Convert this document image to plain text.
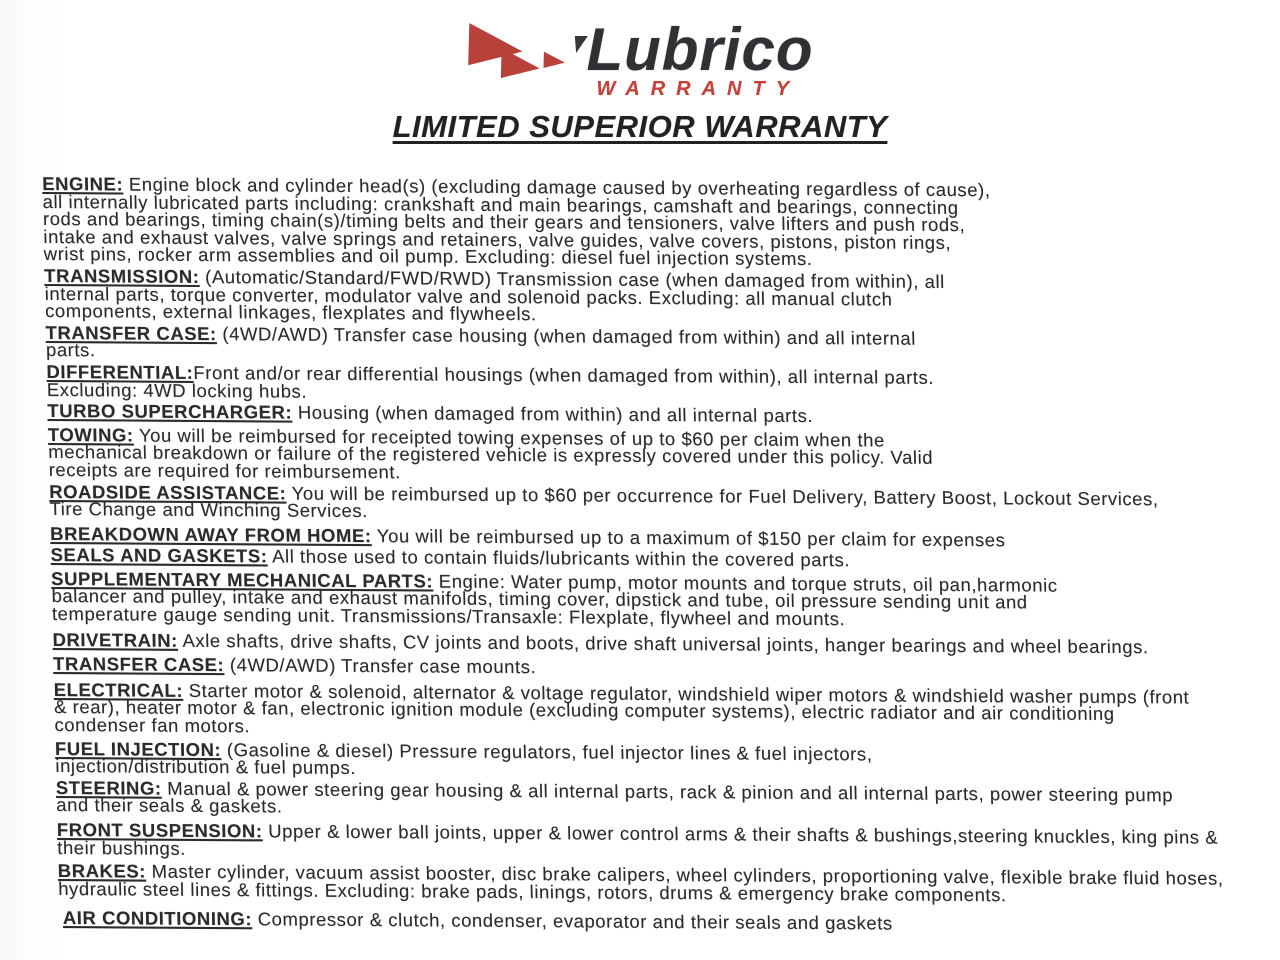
Lubrico
WARRANTY
LIMITED SUPERIOR WARRANTY

ENGINE: Engine block and cylinder head(s) (excluding damage caused by overheating regardless of cause), all internally lubricated parts including: crankshaft and main bearings, camshaft and bearings, connecting rods and bearings, timing chain(s)/timing belts and their gears and tensioners, valve lifters and push rods, intake and exhaust valves, valve springs and retainers, valve guides, valve covers, pistons, piston rings, wrist pins, rocker arm assemblies and oil pump. Excluding: diesel fuel injection systems.

TRANSMISSION: (Automatic/Standard/FWD/RWD) Transmission case (when damaged from within), all internal parts, torque converter, modulator valve and solenoid packs. Excluding: all manual clutch components, external linkages, flexplates and flywheels.

TRANSFER CASE: (4WD/AWD) Transfer case housing (when damaged from within) and all internal parts.

DIFFERENTIAL:Front and/or rear differential housings (when damaged from within), all internal parts. Excluding: 4WD locking hubs.

TURBO SUPERCHARGER: Housing (when damaged from within) and all internal parts.

TOWING: You will be reimbursed for receipted towing expenses of up to $60 per claim when the mechanical breakdown or failure of the registered vehicle is expressly covered under this policy. Valid receipts are required for reimbursement.

ROADSIDE ASSISTANCE: You will be reimbursed up to $60 per occurrence for Fuel Delivery, Battery Boost, Lockout Services, Tire Change and Winching Services.

BREAKDOWN AWAY FROM HOME: You will be reimbursed up to a maximum of $150 per claim for expenses

SEALS AND GASKETS: All those used to contain fluids/lubricants within the covered parts.

SUPPLEMENTARY MECHANICAL PARTS: Engine: Water pump, motor mounts and torque struts, oil pan,harmonic balancer and pulley, intake and exhaust manifolds, timing cover, dipstick and tube, oil pressure sending unit and temperature gauge sending unit. Transmissions/Transaxle: Flexplate, flywheel and mounts.

DRIVETRAIN: Axle shafts, drive shafts, CV joints and boots, drive shaft universal joints, hanger bearings and wheel bearings.

TRANSFER CASE: (4WD/AWD) Transfer case mounts.

ELECTRICAL: Starter motor & solenoid, alternator & voltage regulator, windshield wiper motors & windshield washer pumps (front & rear), heater motor & fan, electronic ignition module (excluding computer systems), electric radiator and air conditioning condenser fan motors.

FUEL INJECTION: (Gasoline & diesel) Pressure regulators, fuel injector lines & fuel injectors, injection/distribution & fuel pumps.

STEERING: Manual & power steering gear housing & all internal parts, rack & pinion and all internal parts, power steering pump and their seals & gaskets.

FRONT SUSPENSION: Upper & lower ball joints, upper & lower control arms & their shafts & bushings,steering knuckles, king pins & their bushings.

BRAKES: Master cylinder, vacuum assist booster, disc brake calipers, wheel cylinders, proportioning valve, flexible brake fluid hoses, hydraulic steel lines & fittings. Excluding: brake pads, linings, rotors, drums & emergency brake components.

AIR CONDITIONING: Compressor & clutch, condenser, evaporator and their seals and gaskets
